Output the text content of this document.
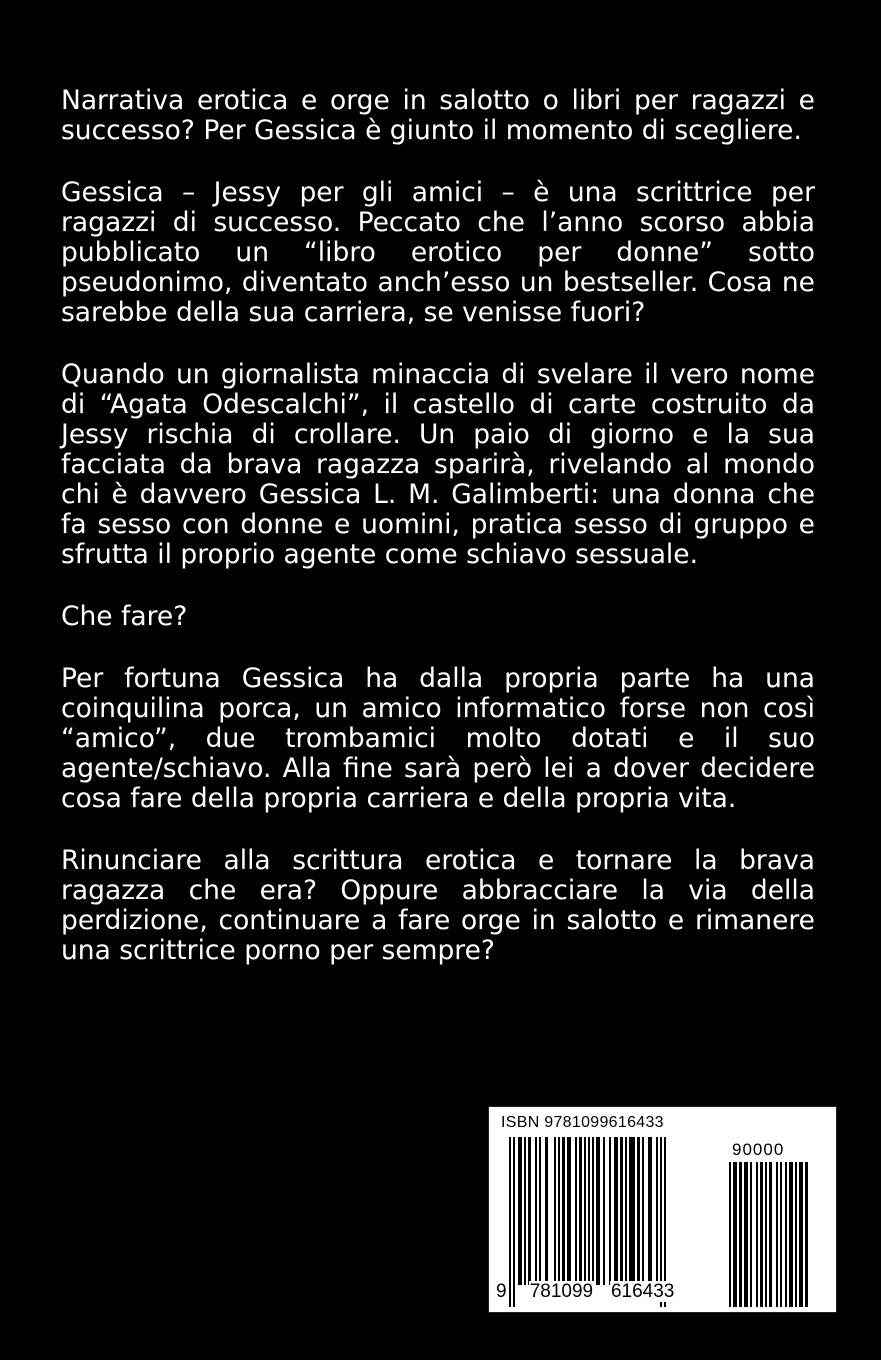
Narrativa erotica e orge in salotto o libri per ragazzi e successo? Per Gessica è giunto il momento di scegliere.

Gessica – Jessy per gli amici – è una scrittrice per ragazzi di successo. Peccato che l’anno scorso abbia pubblicato un “libro erotico per donne” sotto pseudonimo, diventato anch’esso un bestseller. Cosa ne sarebbe della sua carriera, se venisse fuori?

Quando un giornalista minaccia di svelare il vero nome di “Agata Odescalchi”, il castello di carte costruito da Jessy rischia di crollare. Un paio di giorno e la sua facciata da brava ragazza sparirà, rivelando al mondo chi è davvero Gessica L. M. Galimberti: una donna che fa sesso con donne e uomini, pratica sesso di gruppo e sfrutta il proprio agente come schiavo sessuale.

Che fare?

Per fortuna Gessica ha dalla propria parte ha una coinquilina porca, un amico informatico forse non così “amico”, due trombamici molto dotati e il suo agente/schiavo. Alla fine sarà però lei a dover decidere cosa fare della propria carriera e della propria vita.

Rinunciare alla scrittura erotica e tornare la brava ragazza che era? Oppure abbracciare la via della perdizione, continuare a fare orge in salotto e rimanere una scrittrice porno per sempre?

ISBN 9781099616433
90000
9 781099 616433
